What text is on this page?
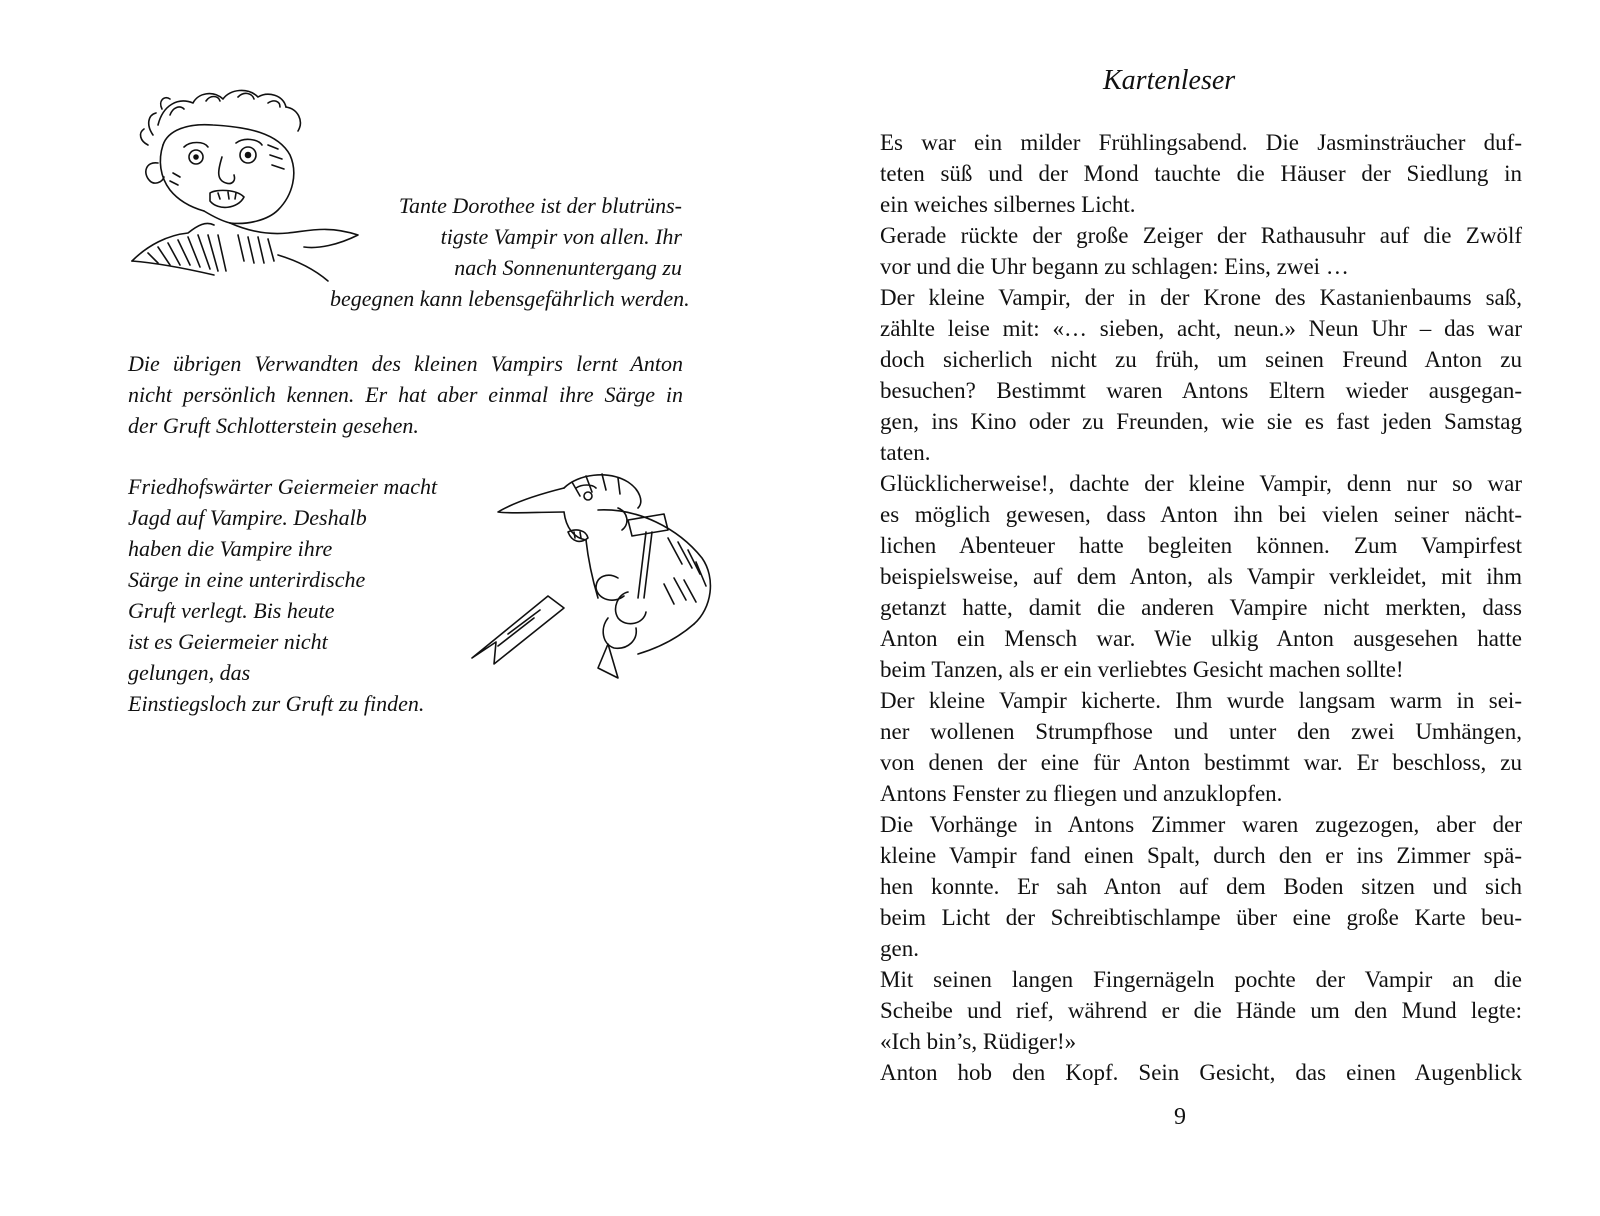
Tante Dorothee ist der blutrüns-
tigste Vampir von allen. Ihr
nach Sonnenuntergang zu
begegnen kann lebensgefährlich werden.

Die übrigen Verwandten des kleinen Vampirs lernt Anton
nicht persönlich kennen. Er hat aber einmal ihre Särge in
der Gruft Schlotterstein gesehen.

Friedhofswärter Geiermeier macht
Jagd auf Vampire. Deshalb
haben die Vampire ihre
Särge in eine unterirdische
Gruft verlegt. Bis heute
ist es Geiermeier nicht
gelungen, das
Einstiegsloch zur Gruft zu finden.

Kartenleser
Es war ein milder Frühlingsabend. Die Jasminsträucher duf-
teten süß und der Mond tauchte die Häuser der Siedlung in
ein weiches silbernes Licht.
Gerade rückte der große Zeiger der Rathausuhr auf die Zwölf
vor und die Uhr begann zu schlagen: Eins, zwei …
Der kleine Vampir, der in der Krone des Kastanienbaums saß,
zählte leise mit: «… sieben, acht, neun.» Neun Uhr – das war
doch sicherlich nicht zu früh, um seinen Freund Anton zu
besuchen? Bestimmt waren Antons Eltern wieder ausgegan-
gen, ins Kino oder zu Freunden, wie sie es fast jeden Samstag
taten.
Glücklicherweise!, dachte der kleine Vampir, denn nur so war
es möglich gewesen, dass Anton ihn bei vielen seiner nächt-
lichen Abenteuer hatte begleiten können. Zum Vampirfest
beispielsweise, auf dem Anton, als Vampir verkleidet, mit ihm
getanzt hatte, damit die anderen Vampire nicht merkten, dass
Anton ein Mensch war. Wie ulkig Anton ausgesehen hatte
beim Tanzen, als er ein verliebtes Gesicht machen sollte!
Der kleine Vampir kicherte. Ihm wurde langsam warm in sei-
ner wollenen Strumpfhose und unter den zwei Umhängen,
von denen der eine für Anton bestimmt war. Er beschloss, zu
Antons Fenster zu fliegen und anzuklopfen.
Die Vorhänge in Antons Zimmer waren zugezogen, aber der
kleine Vampir fand einen Spalt, durch den er ins Zimmer spä-
hen konnte. Er sah Anton auf dem Boden sitzen und sich
beim Licht der Schreibtischlampe über eine große Karte beu-
gen.
Mit seinen langen Fingernägeln pochte der Vampir an die
Scheibe und rief, während er die Hände um den Mund legte:
«Ich bin’s, Rüdiger!»
Anton hob den Kopf. Sein Gesicht, das einen Augenblick

9
